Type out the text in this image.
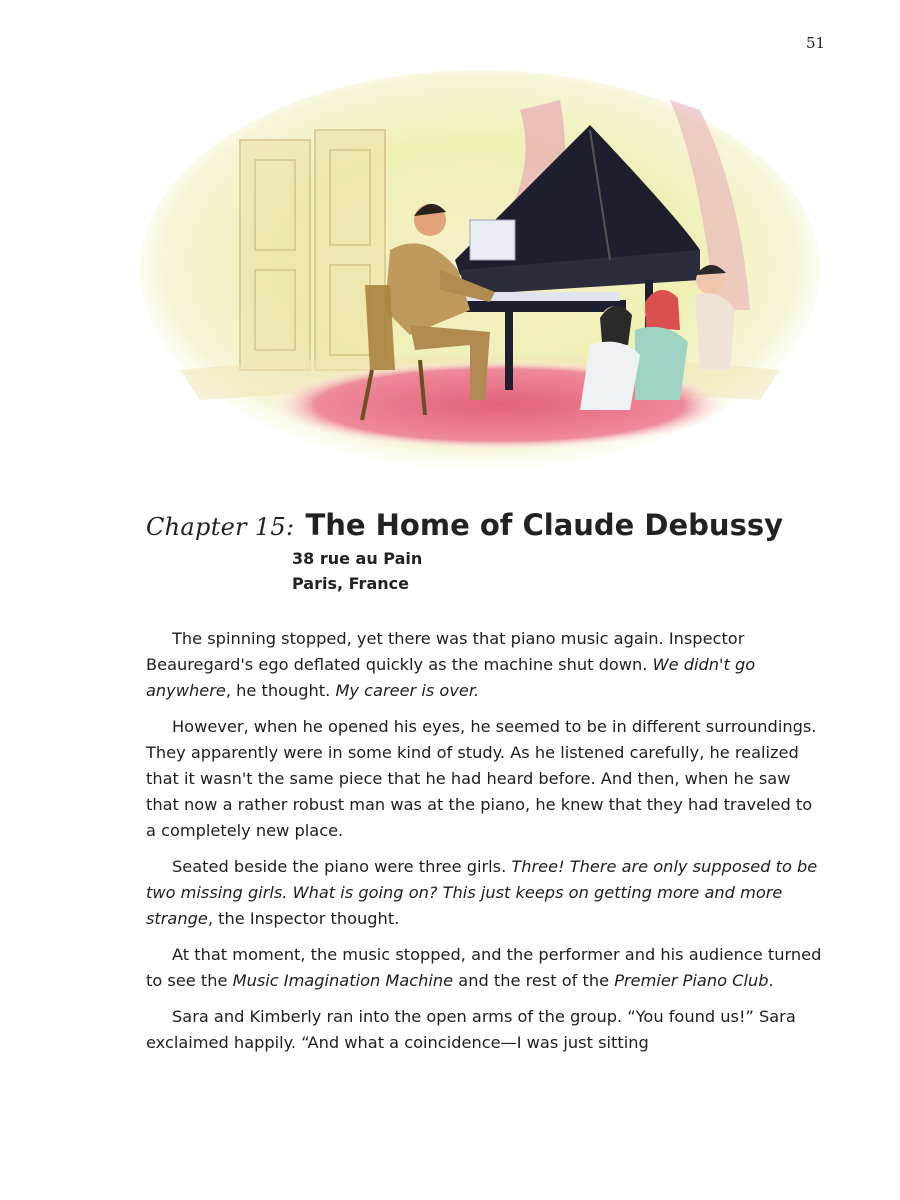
51
Chapter 15: The Home of Claude Debussy
38 rue au Pain
Paris, France

The spinning stopped, yet there was that piano music again. Inspector Beauregard's ego deflated quickly as the machine shut down. We didn't go anywhere, he thought. My career is over.

However, when he opened his eyes, he seemed to be in different surroundings. They apparently were in some kind of study. As he listened carefully, he realized that it wasn't the same piece that he had heard before. And then, when he saw that now a rather robust man was at the piano, he knew that they had traveled to a completely new place.

Seated beside the piano were three girls. Three! There are only supposed to be two missing girls. What is going on? This just keeps on getting more and more strange, the Inspector thought.

At that moment, the music stopped, and the performer and his audience turned to see the Music Imagination Machine and the rest of the Premier Piano Club.

Sara and Kimberly ran into the open arms of the group. “You found us!” Sara exclaimed happily. “And what a coincidence—I was just sitting
